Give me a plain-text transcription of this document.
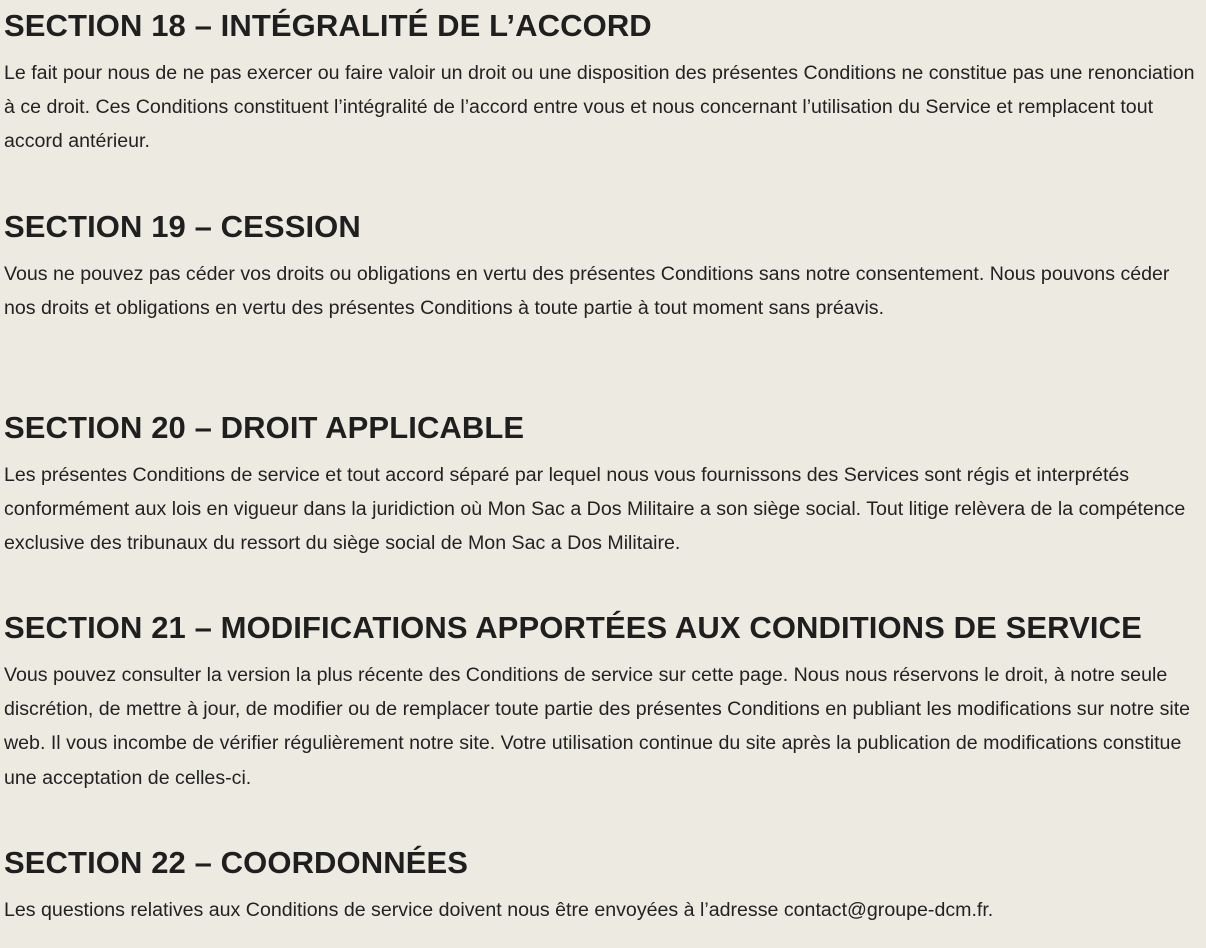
SECTION 18 – INTÉGRALITÉ DE L’ACCORD

Le fait pour nous de ne pas exercer ou faire valoir un droit ou une disposition des présentes Conditions ne constitue pas une renonciation à ce droit. Ces Conditions constituent l’intégralité de l’accord entre vous et nous concernant l’utilisation du Service et remplacent tout accord antérieur.

SECTION 19 – CESSION

Vous ne pouvez pas céder vos droits ou obligations en vertu des présentes Conditions sans notre consentement. Nous pouvons céder nos droits et obligations en vertu des présentes Conditions à toute partie à tout moment sans préavis.

SECTION 20 – DROIT APPLICABLE

Les présentes Conditions de service et tout accord séparé par lequel nous vous fournissons des Services sont régis et interprétés conformément aux lois en vigueur dans la juridiction où Mon Sac a Dos Militaire a son siège social. Tout litige relèvera de la compétence exclusive des tribunaux du ressort du siège social de Mon Sac a Dos Militaire.

SECTION 21 – MODIFICATIONS APPORTÉES AUX CONDITIONS DE SERVICE

Vous pouvez consulter la version la plus récente des Conditions de service sur cette page. Nous nous réservons le droit, à notre seule discrétion, de mettre à jour, de modifier ou de remplacer toute partie des présentes Conditions en publiant les modifications sur notre site web. Il vous incombe de vérifier régulièrement notre site. Votre utilisation continue du site après la publication de modifications constitue une acceptation de celles-ci.

SECTION 22 – COORDONNÉES

Les questions relatives aux Conditions de service doivent nous être envoyées à l’adresse contact@groupe-dcm.fr.
